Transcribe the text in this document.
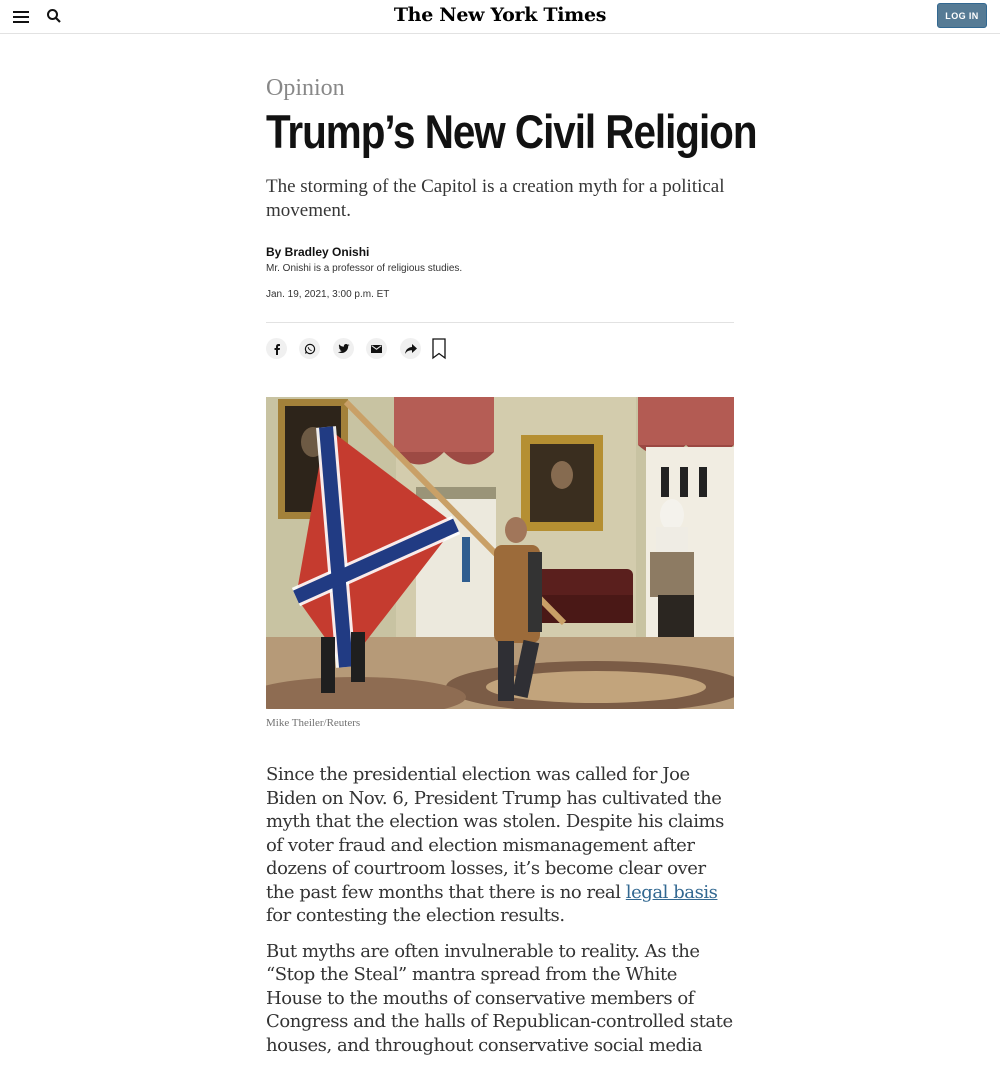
The New York Times	LOG IN
Opinion
Trump’s New Civil Religion

The storming of the Capitol is a creation myth for a political movement.

By Bradley Onishi
Mr. Onishi is a professor of religious studies.
Jan. 19, 2021, 3:00 p.m. ET
Mike Theiler/Reuters

Since the presidential election was called for Joe Biden on Nov. 6, President Trump has cultivated the myth that the election was stolen. Despite his claims of voter fraud and election mismanagement after dozens of courtroom losses, it’s become clear over the past few months that there is no real legal basis for contesting the election results.

But myths are often invulnerable to reality. As the “Stop the Steal” mantra spread from the White House to the mouths of conservative members of Congress and the halls of Republican-controlled state houses, and throughout conservative social media
